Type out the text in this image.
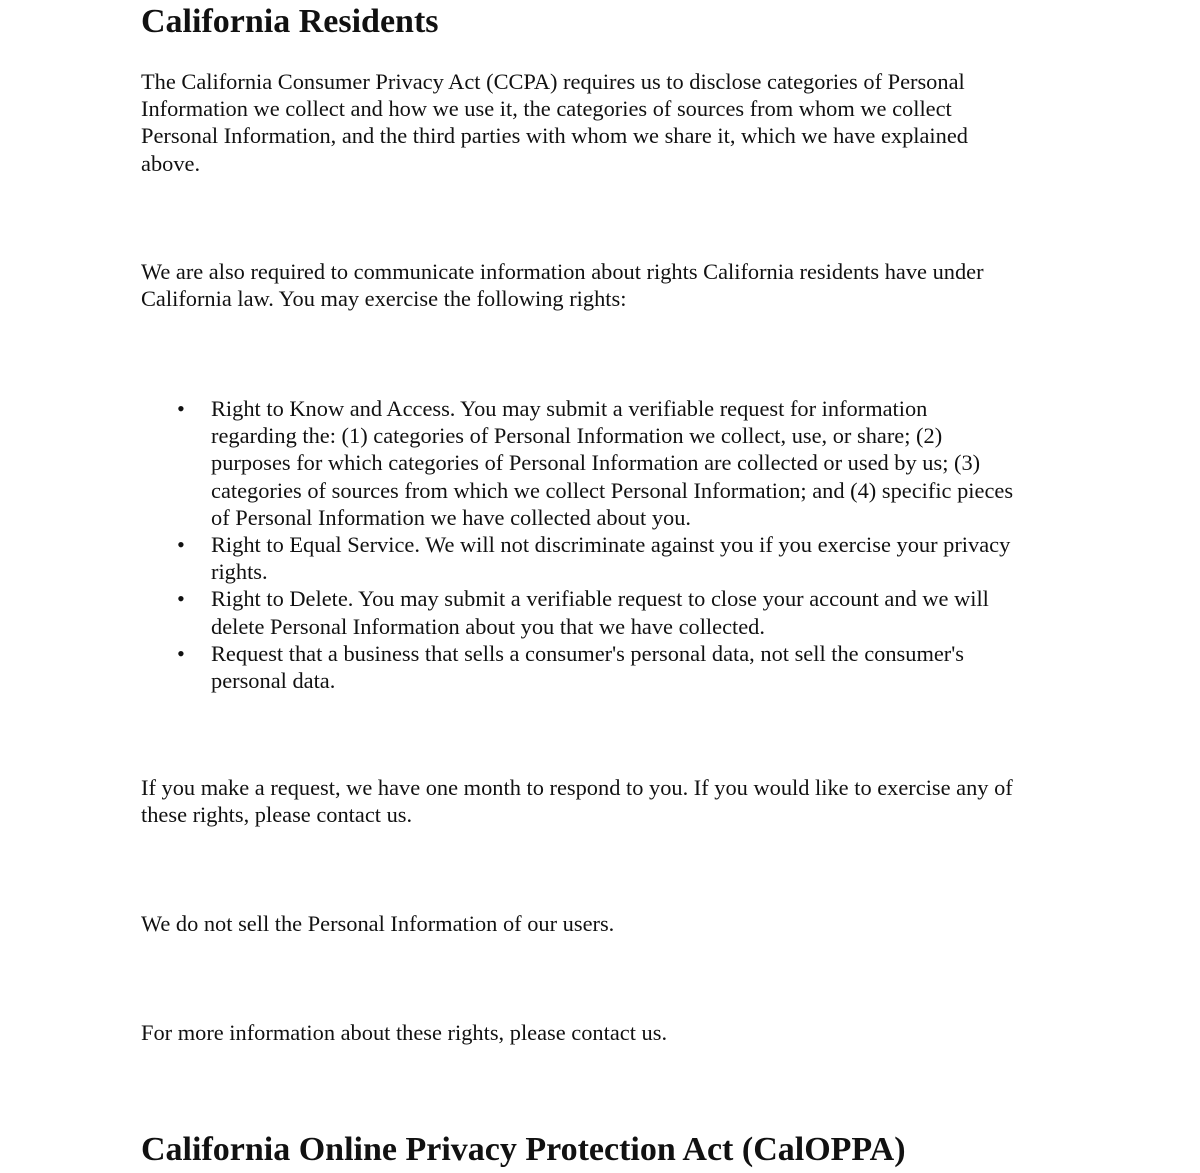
California Residents
The California Consumer Privacy Act (CCPA) requires us to disclose categories of Personal
Information we collect and how we use it, the categories of sources from whom we collect
Personal Information, and the third parties with whom we share it, which we have explained
above.
We are also required to communicate information about rights California residents have under
California law. You may exercise the following rights:
• Right to Know and Access. You may submit a verifiable request for information
regarding the: (1) categories of Personal Information we collect, use, or share; (2)
purposes for which categories of Personal Information are collected or used by us; (3)
categories of sources from which we collect Personal Information; and (4) specific pieces
of Personal Information we have collected about you.
• Right to Equal Service. We will not discriminate against you if you exercise your privacy
rights.
• Right to Delete. You may submit a verifiable request to close your account and we will
delete Personal Information about you that we have collected.
• Request that a business that sells a consumer's personal data, not sell the consumer's
personal data.
If you make a request, we have one month to respond to you. If you would like to exercise any of
these rights, please contact us.
We do not sell the Personal Information of our users.
For more information about these rights, please contact us.
California Online Privacy Protection Act (CalOPPA)
